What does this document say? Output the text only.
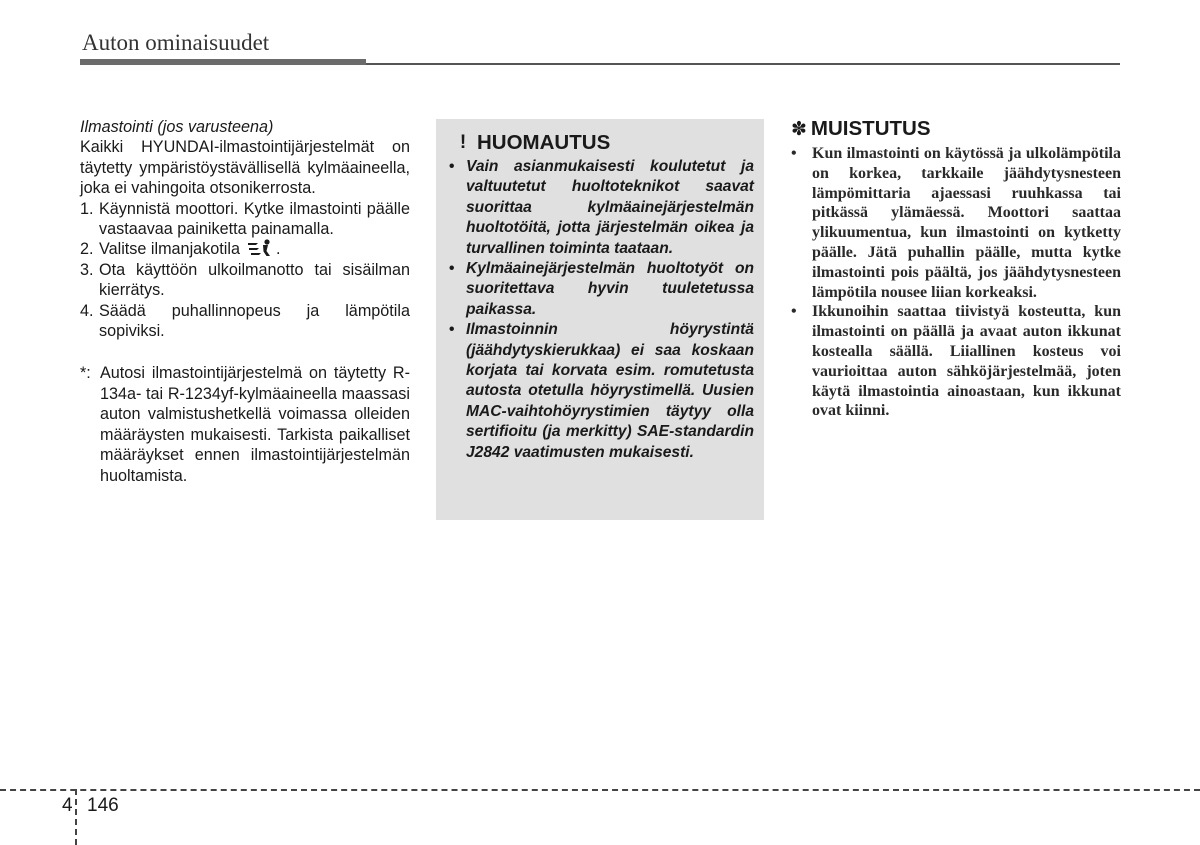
Auton ominaisuudet

Ilmastointi (jos varusteena)

Kaikki HYUNDAI-ilmastointijärjestelmät on täytetty ympäristöystävällisellä kylmäaineella, joka ei vahingoita otsonikerrosta.

1. Käynnistä moottori. Kytke ilmastointi päälle vastaavaa painiketta painamalla.
2. Valitse ilmanjakotila .
3. Ota käyttöön ulkoilmanotto tai sisäilman kierrätys.
4. Säädä puhallinnopeus ja lämpötila sopiviksi.
*: Autosi ilmastointijärjestelmä on täytetty R-134a- tai R-1234yf-kylmäaineella maassasi auton valmistushetkellä voimassa olleiden määräysten mukaisesti. Tarkista paikalliset määräykset ennen ilmastointijärjestelmän huoltamista.
! HUOMAUTUS
• Vain asianmukaisesti koulutetut ja valtuutetut huoltoteknikot saavat suorittaa kylmäainejärjestelmän huoltotöitä, jotta järjestelmän oikea ja turvallinen toiminta taataan.
• Kylmäainejärjestelmän huoltotyöt on suoritettava hyvin tuuletetussa paikassa.
• Ilmastoinnin höyrystintä (jäähdytyskierukkaa) ei saa koskaan korjata tai korvata esim. romutetusta autosta otetulla höyrystimellä. Uusien MAC-vaihtohöyrystimien täytyy olla sertifioitu (ja merkitty) SAE-standardin J2842 vaatimusten mukaisesti.
✽ MUISTUTUS
• Kun ilmastointi on käytössä ja ulkolämpötila on korkea, tarkkaile jäähdytysnesteen lämpömittaria ajaessasi ruuhkassa tai pitkässä ylämäessä. Moottori saattaa ylikuumentua, kun ilmastointi on kytketty päälle. Jätä puhallin päälle, mutta kytke ilmastointi pois päältä, jos jäähdytysnesteen lämpötila nousee liian korkeaksi.
• Ikkunoihin saattaa tiivistyä kosteutta, kun ilmastointi on päällä ja avaat auton ikkunat kostealla säällä. Liiallinen kosteus voi vaurioittaa auton sähköjärjestelmää, joten käytä ilmastointia ainoastaan, kun ikkunat ovat kiinni.
4 146
